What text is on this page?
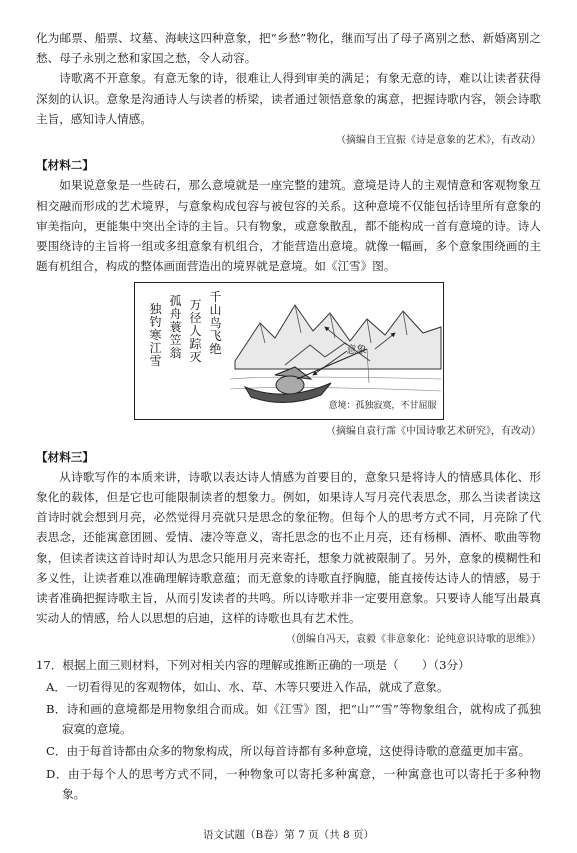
化为邮票、船票、坟墓、海峡这四种意象，把“乡愁”物化，继而写出了母子离别之愁、新婚离别之愁、母子永别之愁和家国之愁，令人动容。

诗歌离不开意象。有意无象的诗，很难让人得到审美的满足；有象无意的诗，难以让读者获得深刻的认识。意象是沟通诗人与读者的桥梁，读者通过领悟意象的寓意，把握诗歌内容，领会诗歌主旨，感知诗人情感。

（摘编自王宜振《诗是意象的艺术》，有改动）

【材料二】

如果说意象是一些砖石，那么意境就是一座完整的建筑。意境是诗人的主观情意和客观物象互相交融而形成的艺术境界，与意象构成包容与被包容的关系。这种意境不仅能包括诗里所有意象的审美指向，更能集中突出全诗的主旨。只有物象，或意象散乱，都不能构成一首有意境的诗。诗人要围绕诗的主旨将一组或多组意象有机组合，才能营造出意境。就像一幅画，多个意象围绕画的主题有机组合，构成的整体画面营造出的境界就是意境。如《江雪》图。

千山鸟飞绝
万径人踪灭
孤舟蓑笠翁
独钓寒江雪
意象
意境：孤独寂寞，不甘屈服

（摘编自袁行霈《中国诗歌艺术研究》，有改动）

【材料三】

从诗歌写作的本质来讲，诗歌以表达诗人情感为首要目的，意象只是将诗人的情感具体化、形象化的载体，但是它也可能限制读者的想象力。例如，如果诗人写月亮代表思念，那么当读者读这首诗时就会想到月亮，必然觉得月亮就只是思念的象征物。但每个人的思考方式不同，月亮除了代表思念，还能寓意团圆、爱情、凄冷等意义，寄托思念的也不止月亮，还有杨柳、酒杯、歌曲等物象，但读者读这首诗时却认为思念只能用月亮来寄托，想象力就被限制了。另外，意象的模糊性和多义性，让读者难以准确理解诗歌意蕴；而无意象的诗歌直抒胸臆，能直接传达诗人的情感，易于读者准确把握诗歌主旨，从而引发读者的共鸣。所以诗歌并非一定要用意象。只要诗人能写出最真实动人的情感，给人以思想的启迪，这样的诗歌也具有艺术性。

（创编自冯天，袁毅《非意象化：论纯意识诗歌的思维》）

17．根据上面三则材料，下列对相关内容的理解或推断正确的一项是（　　）（3分）

A．一切看得见的客观物体，如山、水、草、木等只要进入作品，就成了意象。

B．诗和画的意境都是用物象组合而成。如《江雪》图，把“山”“雪”等物象组合，就构成了孤独寂寞的意境。

C．由于每首诗都由众多的物象构成，所以每首诗都有多种意境，这使得诗歌的意蕴更加丰富。

D．由于每个人的思考方式不同，一种物象可以寄托多种寓意，一种寓意也可以寄托于多种物象。

语文试题（B卷）第 7 页（共 8 页）
